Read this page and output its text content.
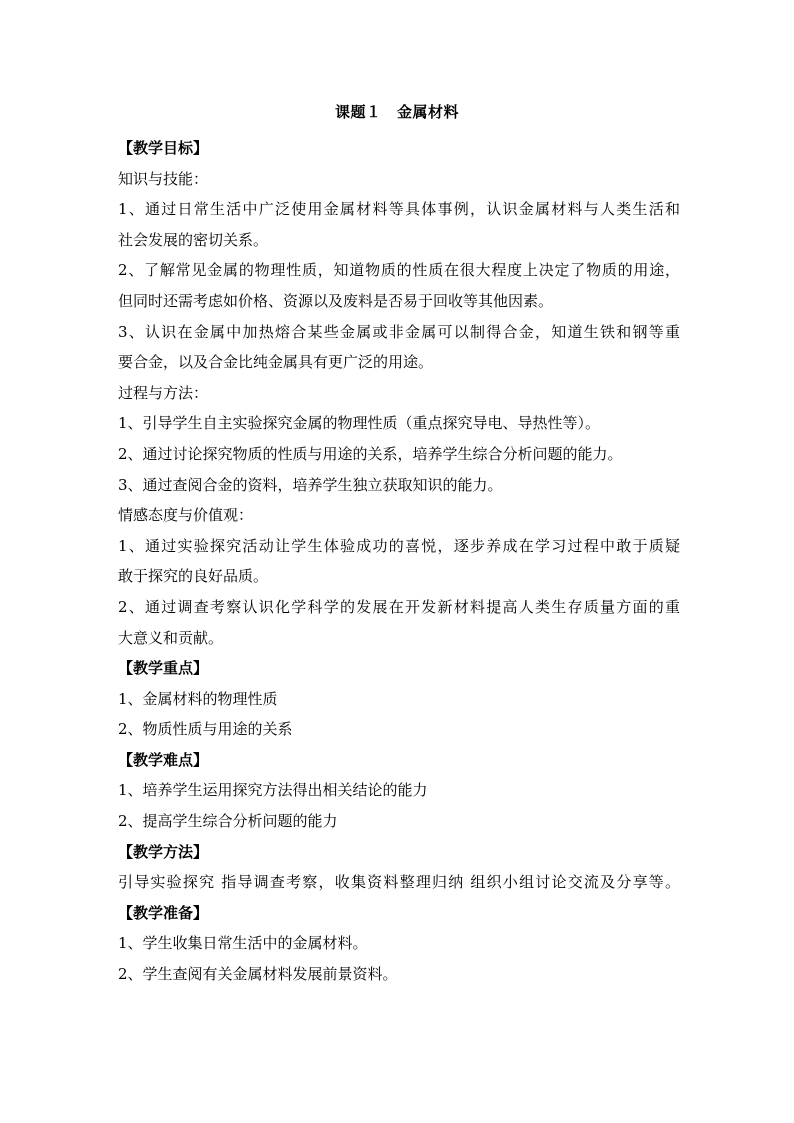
课题１　金属材料
【教学目标】
知识与技能：
1、通过日常生活中广泛使用金属材料等具体事例，认识金属材料与人类生活和
社会发展的密切关系。
2、了解常见金属的物理性质，知道物质的性质在很大程度上决定了物质的用途，
但同时还需考虑如价格、资源以及废料是否易于回收等其他因素。
3、认识在金属中加热熔合某些金属或非金属可以制得合金，知道生铁和钢等重
要合金，以及合金比纯金属具有更广泛的用途。
过程与方法：
1、引导学生自主实验探究金属的物理性质（重点探究导电、导热性等）。
2、通过讨论探究物质的性质与用途的关系，培养学生综合分析问题的能力。
3、通过查阅合金的资料，培养学生独立获取知识的能力。
情感态度与价值观：
1、通过实验探究活动让学生体验成功的喜悦，逐步养成在学习过程中敢于质疑
敢于探究的良好品质。
2、通过调查考察认识化学科学的发展在开发新材料提高人类生存质量方面的重
大意义和贡献。
【教学重点】
1、金属材料的物理性质
2、物质性质与用途的关系
【教学难点】
1、培养学生运用探究方法得出相关结论的能力
2、提高学生综合分析问题的能力
【教学方法】
引导实验探究 指导调查考察，收集资料整理归纳 组织小组讨论交流及分享等。
【教学准备】
1、学生收集日常生活中的金属材料。
2、学生查阅有关金属材料发展前景资料。
